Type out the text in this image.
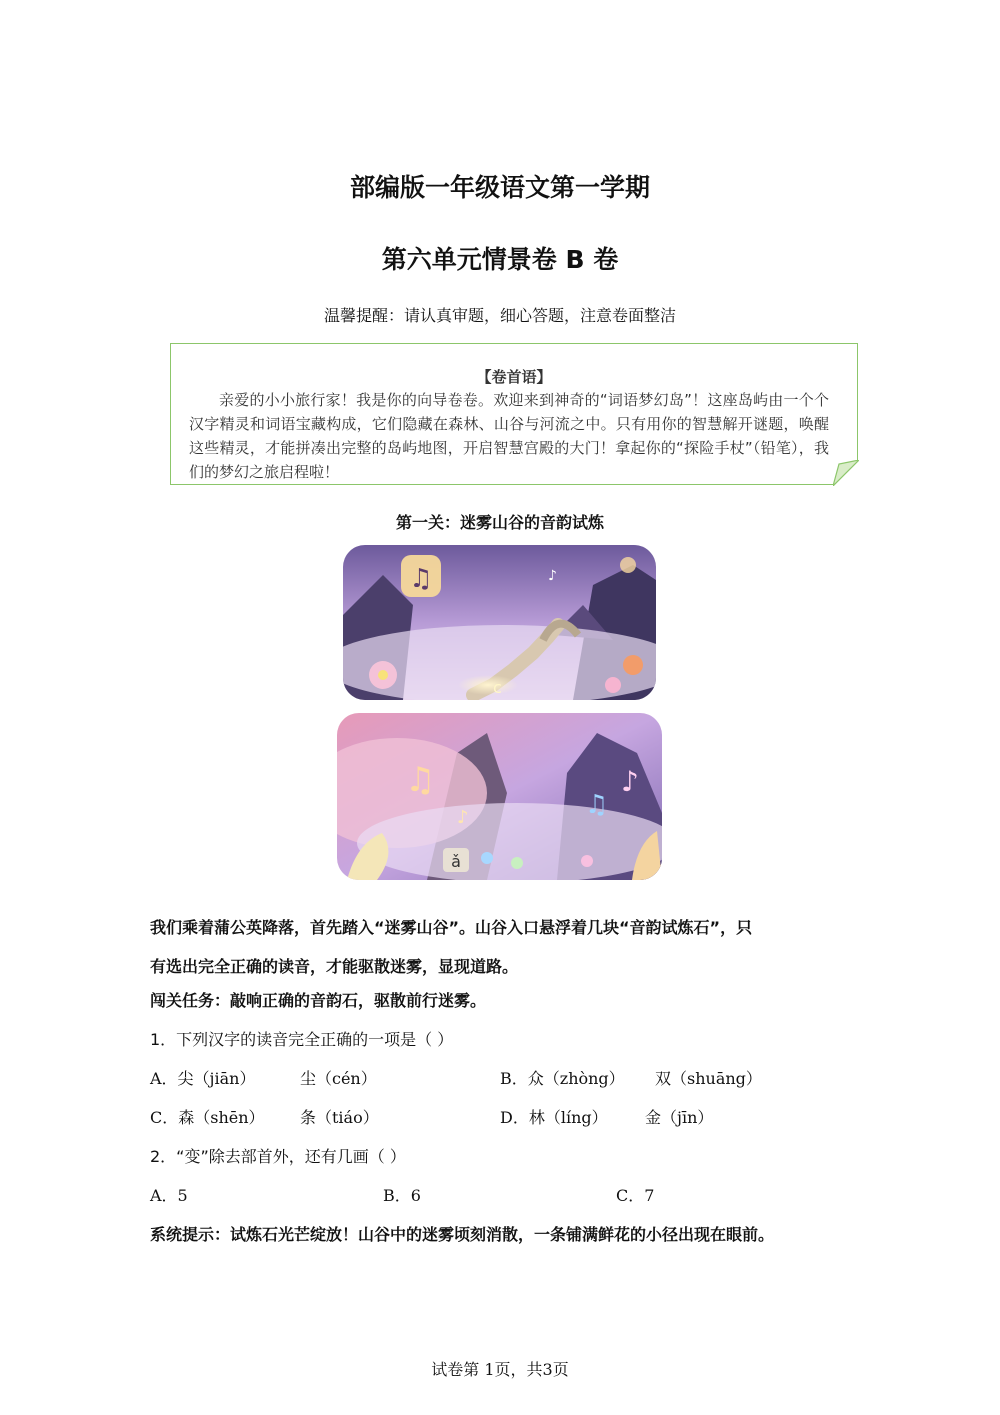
部编版一年级语文第一学期
第六单元情景卷 B 卷
温馨提醒：请认真审题，细心答题，注意卷面整洁
【卷首语】
亲爱的小小旅行家！我是你的向导卷卷。欢迎来到神奇的“词语梦幻岛”！这座岛屿由一个个汉字精灵和词语宝藏构成，它们隐藏在森林、山谷与河流之中。只有用你的智慧解开谜题，唤醒这些精灵，才能拼凑出完整的岛屿地图，开启智慧宫殿的大门！拿起你的“探险手杖”（铅笔），我们的梦幻之旅启程啦！
第一关：迷雾山谷的音韵试炼
♫	♪
c
♫
♪	♫
♪
ǎ
我们乘着蒲公英降落，首先踏入“迷雾山谷”。山谷入口悬浮着几块“音韵试炼石”，只
有选出完全正确的读音，才能驱散迷雾，显现道路。
闯关任务：敲响正确的音韵石，驱散前行迷雾。
1．下列汉字的读音完全正确的一项是（ ）
A．尖（jiān）	尘（cén）	B．众（zhòng） 双（shuāng）
C．森（shēn） 条（tiáo）	D．林（líng） 金（jīn）
2．“变”除去部首外，还有几画（ ）
A．5	B．6	C．7
系统提示：试炼石光芒绽放！山谷中的迷雾顷刻消散，一条铺满鲜花的小径出现在眼前。
试卷第 1页，共3页
